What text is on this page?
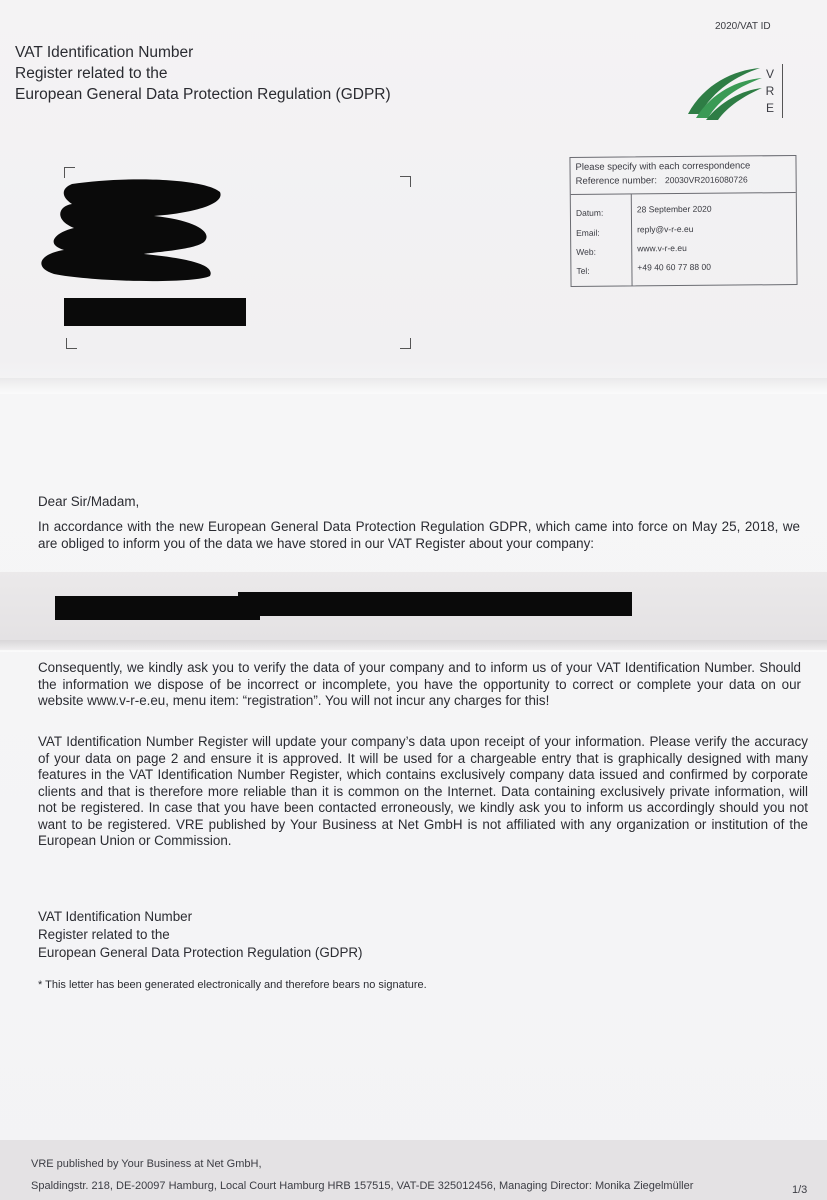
2020/VAT ID
VAT Identification Number
Register related to the
European General Data Protection Regulation (GDPR)
V
R
E
Please specify with each correspondence
Reference number: 20030VR2016080726
Datum:	28 September 2020
Email:	reply@v-r-e.eu
Web:	www.v-r-e.eu
Tel:	+49 40 60 77 88 00
Dear Sir/Madam,
In accordance with the new European General Data Protection Regulation GDPR, which came into force on May 25, 2018, we are obliged to inform you of the data we have stored in our VAT Register about your company:
Consequently, we kindly ask you to verify the data of your company and to inform us of your VAT Identification Number. Should the information we dispose of be incorrect or incomplete, you have the opportunity to correct or complete your data on our website www.v-r-e.eu, menu item: “registration”. You will not incur any charges for this!
VAT Identification Number Register will update your company’s data upon receipt of your information. Please verify the accuracy of your data on page 2 and ensure it is approved. It will be used for a chargeable entry that is graphically designed with many features in the VAT Identification Number Register, which contains exclusively company data issued and confirmed by corporate clients and that is therefore more reliable than it is common on the Internet. Data containing exclusively private information, will not be registered. In case that you have been contacted erroneously, we kindly ask you to inform us accordingly should you not want to be registered. VRE published by Your Business at Net GmbH is not affiliated with any organization or institution of the European Union or Commission.
VAT Identification Number
Register related to the
European General Data Protection Regulation (GDPR)
* This letter has been generated electronically and therefore bears no signature.
VRE published by Your Business at Net GmbH,
Spaldingstr. 218, DE-20097 Hamburg, Local Court Hamburg HRB 157515, VAT-DE 325012456, Managing Director: Monika Ziegelmüller	1/3
